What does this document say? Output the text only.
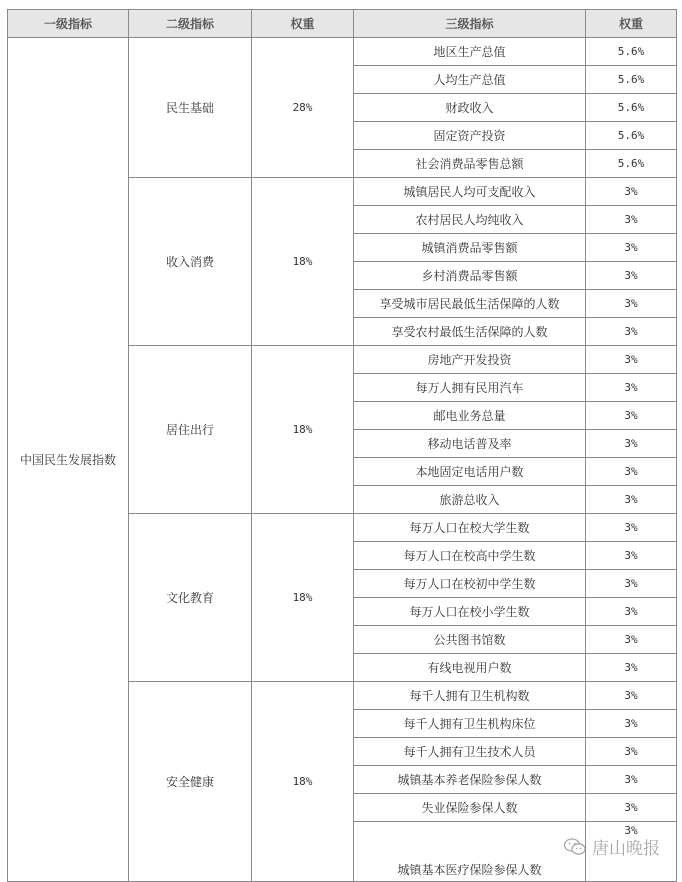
一级指标	二级指标	权重	三级指标	权重
中国民生发展指数	民生基础	28%	地区生产总值	5.6%
			人均生产总值	5.6%
			财政收入	5.6%
			固定资产投资	5.6%
			社会消费品零售总额	5.6%
	收入消费	18%	城镇居民人均可支配收入	3%
			农村居民人均纯收入	3%
			城镇消费品零售额	3%
			乡村消费品零售额	3%
			享受城市居民最低生活保障的人数	3%
			享受农村最低生活保障的人数	3%
	居住出行	18%	房地产开发投资	3%
			每万人拥有民用汽车	3%
			邮电业务总量	3%
			移动电话普及率	3%
			本地固定电话用户数	3%
			旅游总收入	3%
	文化教育	18%	每万人口在校大学生数	3%
			每万人口在校高中学生数	3%
			每万人口在校初中学生数	3%
			每万人口在校小学生数	3%
			公共图书馆数	3%
			有线电视用户数	3%
	安全健康	18%	每千人拥有卫生机构数	3%
			每千人拥有卫生机构床位	3%
			每千人拥有卫生技术人员	3%
			城镇基本养老保险参保人数	3%
			失业保险参保人数	3%
			城镇基本医疗保险参保人数	3%
唐山晚报
